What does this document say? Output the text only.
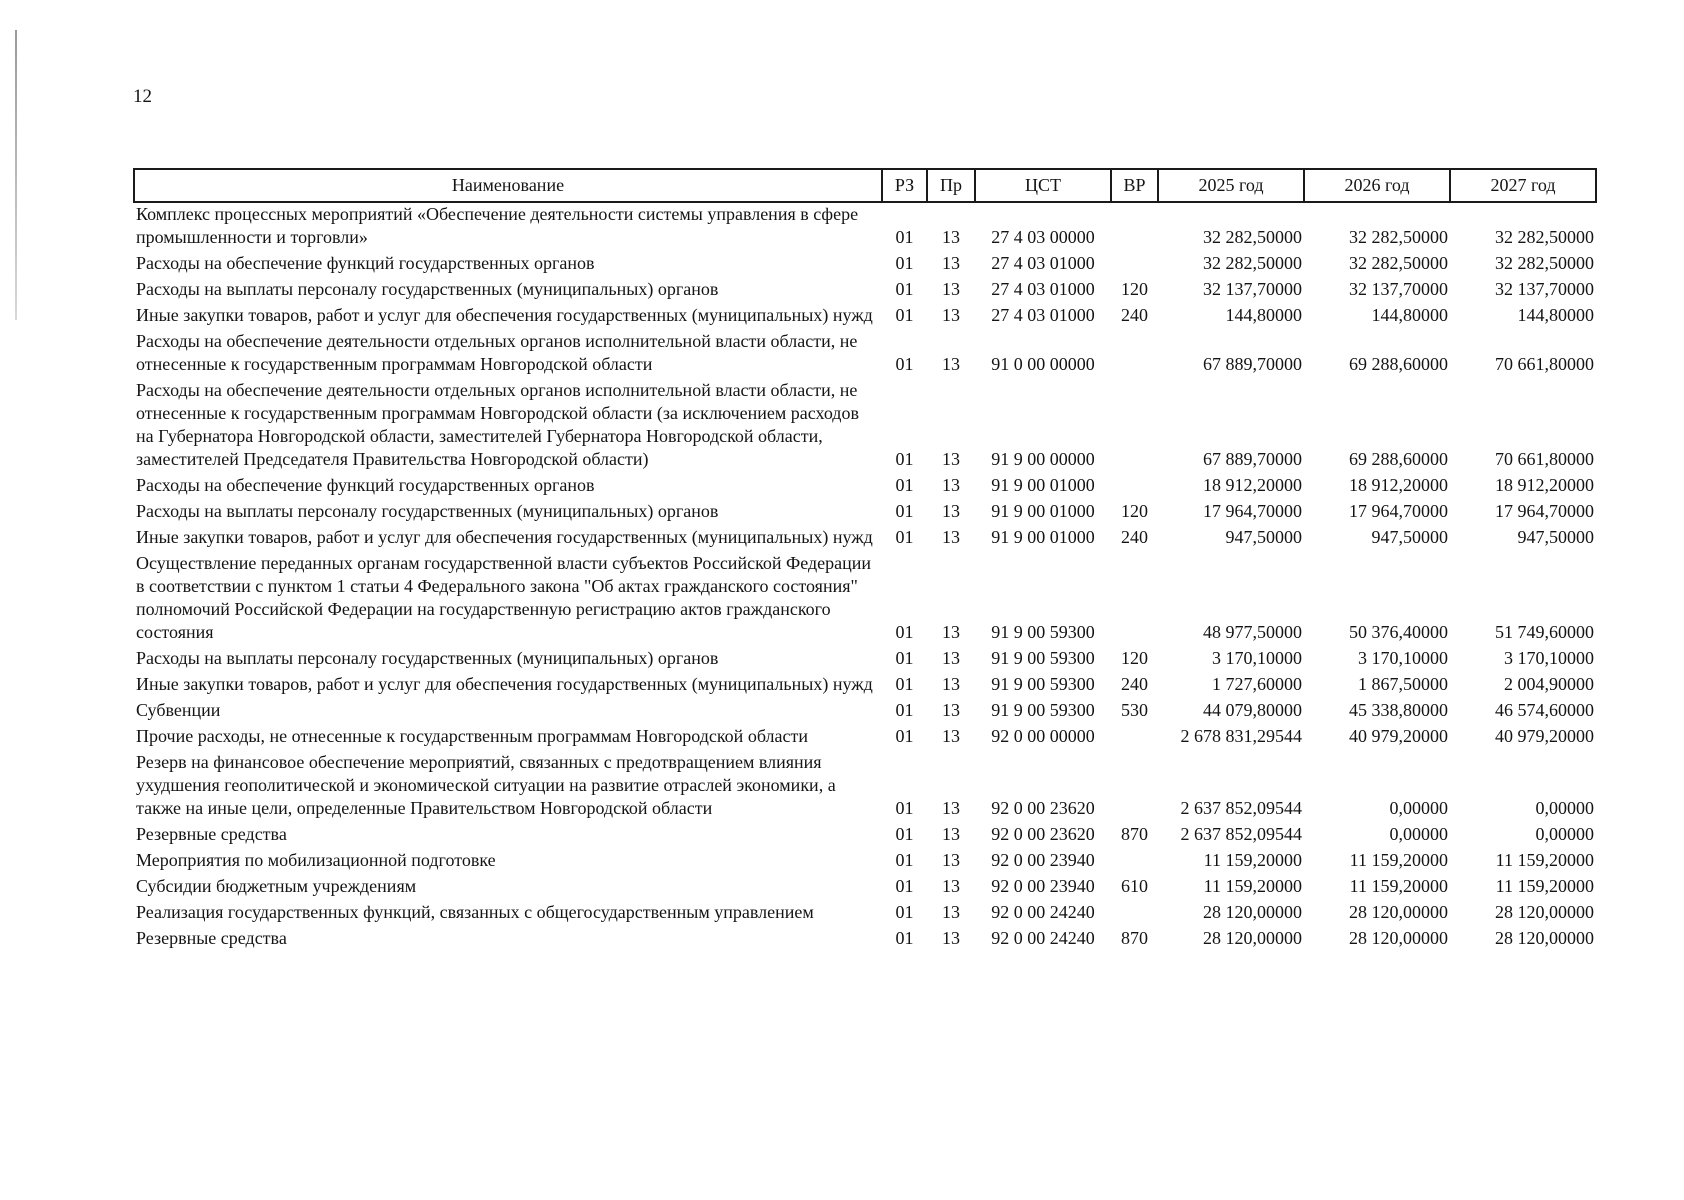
12
Наименование	РЗ	Пр	ЦСТ	ВР	2025 год	2026 год	2027 год
Комплекс процессных мероприятий «Обеспечение деятельности системы управления в сфере промышленности и торговли»	01	13	27 4 03 00000		32 282,50000	32 282,50000	32 282,50000
Расходы на обеспечение функций государственных органов	01	13	27 4 03 01000		32 282,50000	32 282,50000	32 282,50000
Расходы на выплаты персоналу государственных (муниципальных) органов	01	13	27 4 03 01000	120	32 137,70000	32 137,70000	32 137,70000
Иные закупки товаров, работ и услуг для обеспечения государственных (муниципальных) нужд	01	13	27 4 03 01000	240	144,80000	144,80000	144,80000
Расходы на обеспечение деятельности отдельных органов исполнительной власти области, не отнесенные к государственным программам Новгородской области	01	13	91 0 00 00000		67 889,70000	69 288,60000	70 661,80000
Расходы на обеспечение деятельности отдельных органов исполнительной власти области, не отнесенные к государственным программам Новгородской области (за исключением расходов на Губернатора Новгородской области, заместителей Губернатора Новгородской области, заместителей Председателя Правительства Новгородской области)	01	13	91 9 00 00000		67 889,70000	69 288,60000	70 661,80000
Расходы на обеспечение функций государственных органов	01	13	91 9 00 01000		18 912,20000	18 912,20000	18 912,20000
Расходы на выплаты персоналу государственных (муниципальных) органов	01	13	91 9 00 01000	120	17 964,70000	17 964,70000	17 964,70000
Иные закупки товаров, работ и услуг для обеспечения государственных (муниципальных) нужд	01	13	91 9 00 01000	240	947,50000	947,50000	947,50000
Осуществление переданных органам государственной власти субъектов Российской Федерации в соответствии с пунктом 1 статьи 4 Федерального закона "Об актах гражданского состояния" полномочий Российской Федерации на государственную регистрацию актов гражданского состояния	01	13	91 9 00 59300		48 977,50000	50 376,40000	51 749,60000
Расходы на выплаты персоналу государственных (муниципальных) органов	01	13	91 9 00 59300	120	3 170,10000	3 170,10000	3 170,10000
Иные закупки товаров, работ и услуг для обеспечения государственных (муниципальных) нужд	01	13	91 9 00 59300	240	1 727,60000	1 867,50000	2 004,90000
Субвенции	01	13	91 9 00 59300	530	44 079,80000	45 338,80000	46 574,60000
Прочие расходы, не отнесенные к государственным программам Новгородской области	01	13	92 0 00 00000		2 678 831,29544	40 979,20000	40 979,20000
Резерв на финансовое обеспечение мероприятий, связанных с предотвращением влияния ухудшения геополитической и экономической ситуации на развитие отраслей экономики, а также на иные цели, определенные Правительством Новгородской области	01	13	92 0 00 23620		2 637 852,09544	0,00000	0,00000
Резервные средства	01	13	92 0 00 23620	870	2 637 852,09544	0,00000	0,00000
Мероприятия по мобилизационной подготовке	01	13	92 0 00 23940		11 159,20000	11 159,20000	11 159,20000
Субсидии бюджетным учреждениям	01	13	92 0 00 23940	610	11 159,20000	11 159,20000	11 159,20000
Реализация государственных функций, связанных с общегосударственным управлением	01	13	92 0 00 24240		28 120,00000	28 120,00000	28 120,00000
Резервные средства	01	13	92 0 00 24240	870	28 120,00000	28 120,00000	28 120,00000
